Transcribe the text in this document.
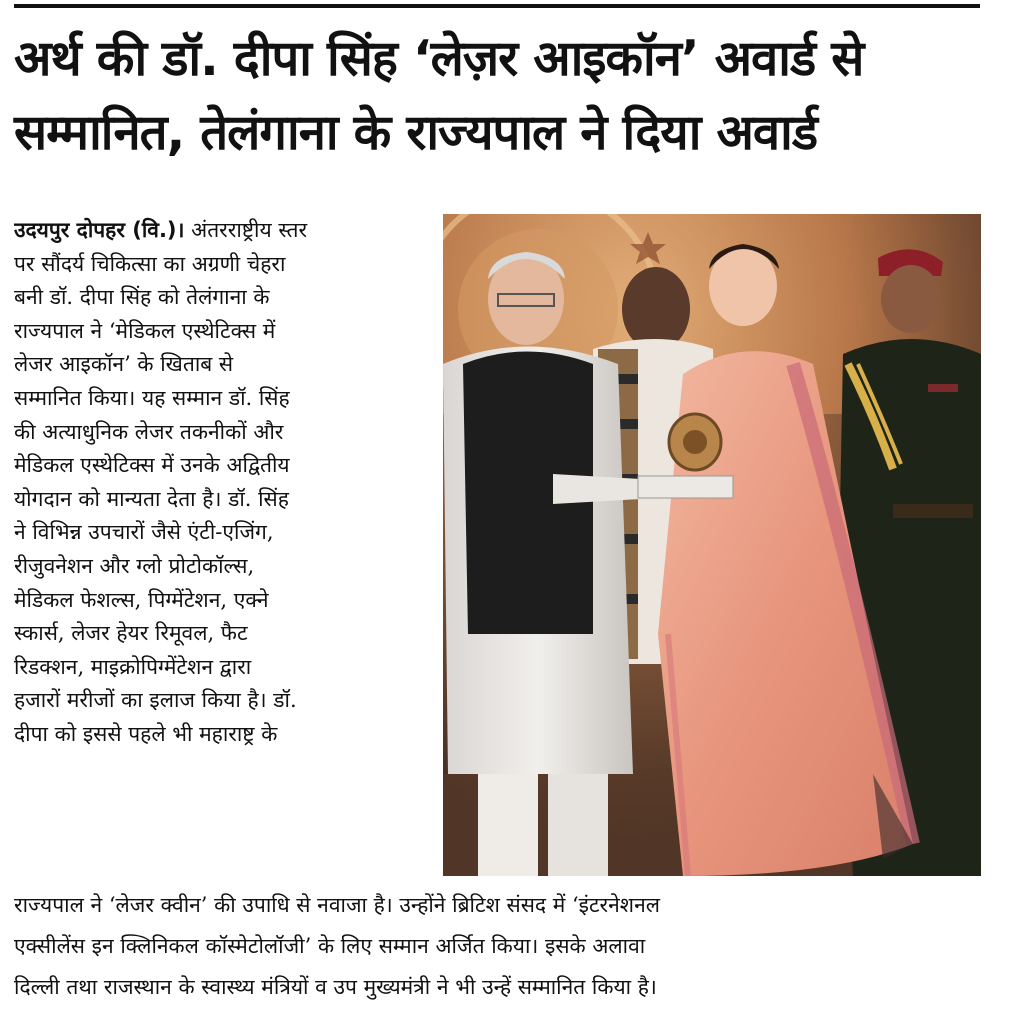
अर्थ की डॉ. दीपा सिंह ‘लेज़र आइकॉन’ अवार्ड से
सम्मानित, तेलंगाना के राज्यपाल ने दिया अवार्ड
उदयपुर दोपहर (वि.)। अंतरराष्ट्रीय स्तर
पर सौंदर्य चिकित्सा का अग्रणी चेहरा
बनी डॉ. दीपा सिंह को तेलंगाना के
राज्यपाल ने ‘मेडिकल एस्थेटिक्स में
लेजर आइकॉन’ के खिताब से
सम्मानित किया। यह सम्मान डॉ. सिंह
की अत्याधुनिक लेजर तकनीकों और
मेडिकल एस्थेटिक्स में उनके अद्वितीय
योगदान को मान्यता देता है। डॉ. सिंह
ने विभिन्न उपचारों जैसे एंटी-एजिंग,
रीजुवनेशन और ग्लो प्रोटोकॉल्स,
मेडिकल फेशल्स, पिग्मेंटेशन, एक्ने
स्कार्स, लेजर हेयर रिमूवल, फैट
रिडक्शन, माइक्रोपिग्मेंटेशन द्वारा
हजारों मरीजों का इलाज किया है। डॉ.
दीपा को इससे पहले भी महाराष्ट्र के
राज्यपाल ने ‘लेजर क्वीन’ की उपाधि से नवाजा है। उन्होंने ब्रिटिश संसद में ‘इंटरनेशनल
एक्सीलेंस इन क्लिनिकल कॉस्मेटोलॉजी’ के लिए सम्मान अर्जित किया। इसके अलावा
दिल्ली तथा राजस्थान के स्वास्थ्य मंत्रियों व उप मुख्यमंत्री ने भी उन्हें सम्मानित किया है।
